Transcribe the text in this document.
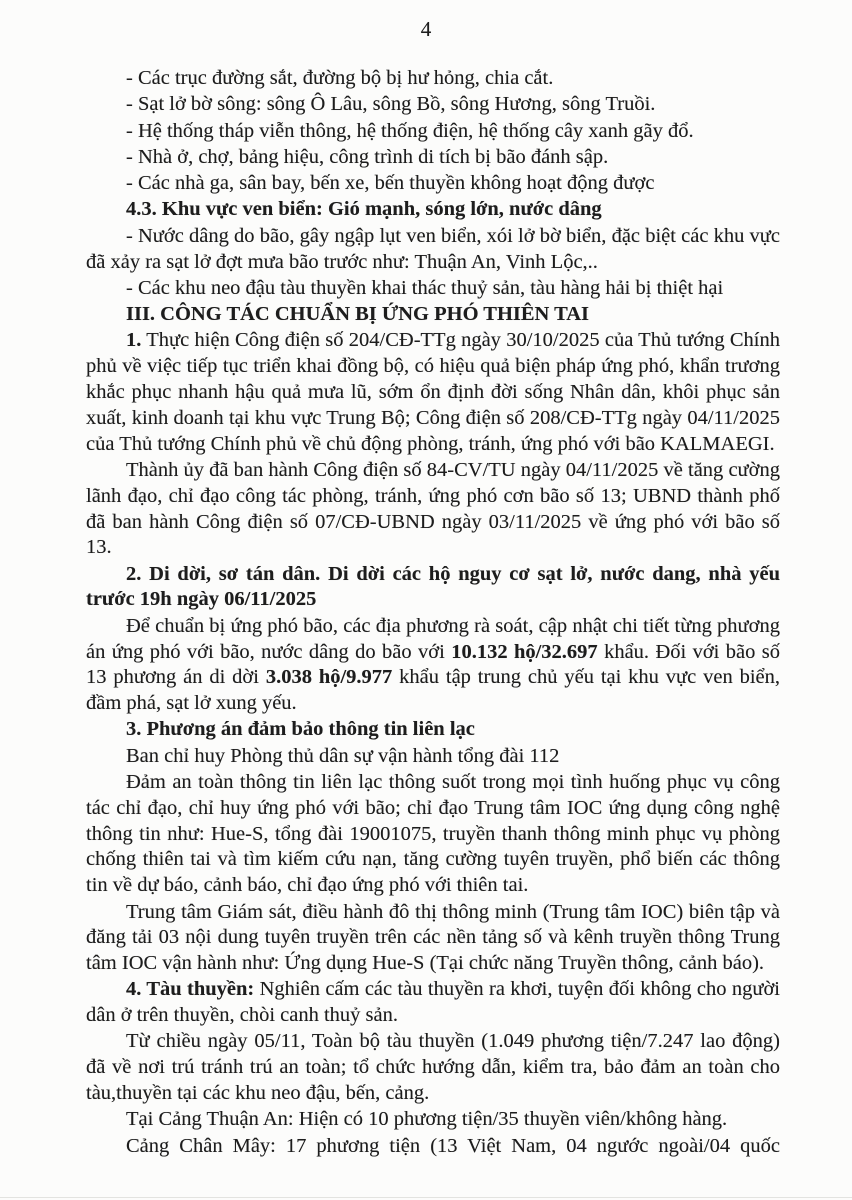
4

- Các trục đường sắt, đường bộ bị hư hỏng, chia cắt.

- Sạt lở bờ sông: sông Ô Lâu, sông Bồ, sông Hương, sông Truồi.

- Hệ thống tháp viễn thông, hệ thống điện, hệ thống cây xanh gãy đổ.

- Nhà ở, chợ, bảng hiệu, công trình di tích bị bão đánh sập.

- Các nhà ga, sân bay, bến xe, bến thuyền không hoạt động được

4.3. Khu vực ven biển: Gió mạnh, sóng lớn, nước dâng

- Nước dâng do bão, gây ngập lụt ven biển, xói lở bờ biển, đặc biệt các khu vực đã xảy ra sạt lở đợt mưa bão trước như: Thuận An, Vinh Lộc,..

- Các khu neo đậu tàu thuyền khai thác thuỷ sản, tàu hàng hải bị thiệt hại

III. CÔNG TÁC CHUẨN BỊ ỨNG PHÓ THIÊN TAI

1. Thực hiện Công điện số 204/CĐ-TTg ngày 30/10/2025 của Thủ tướng Chính phủ về việc tiếp tục triển khai đồng bộ, có hiệu quả biện pháp ứng phó, khẩn trương khắc phục nhanh hậu quả mưa lũ, sớm ổn định đời sống Nhân dân, khôi phục sản xuất, kinh doanh tại khu vực Trung Bộ; Công điện số 208/CĐ-TTg ngày 04/11/2025 của Thủ tướng Chính phủ về chủ động phòng, tránh, ứng phó với bão KALMAEGI.

Thành ủy đã ban hành Công điện số 84-CV/TU ngày 04/11/2025 về tăng cường lãnh đạo, chỉ đạo công tác phòng, tránh, ứng phó cơn bão số 13; UBND thành phố đã ban hành Công điện số 07/CĐ-UBND ngày 03/11/2025 về ứng phó với bão số 13.

2. Di dời, sơ tán dân. Di dời các hộ nguy cơ sạt lở, nước dang, nhà yếu trước 19h ngày 06/11/2025

Để chuẩn bị ứng phó bão, các địa phương rà soát, cập nhật chi tiết từng phương án ứng phó với bão, nước dâng do bão với 10.132 hộ/32.697 khẩu. Đối với bão số 13 phương án di dời 3.038 hộ/9.977 khẩu tập trung chủ yếu tại khu vực ven biển, đầm phá, sạt lở xung yếu.

3. Phương án đảm bảo thông tin liên lạc

Ban chỉ huy Phòng thủ dân sự vận hành tổng đài 112

Đảm an toàn thông tin liên lạc thông suốt trong mọi tình huống phục vụ công tác chỉ đạo, chỉ huy ứng phó với bão; chỉ đạo Trung tâm IOC ứng dụng công nghệ thông tin như: Hue-S, tổng đài 19001075, truyền thanh thông minh phục vụ phòng chống thiên tai và tìm kiếm cứu nạn, tăng cường tuyên truyền, phổ biến các thông tin về dự báo, cảnh báo, chỉ đạo ứng phó với thiên tai.

Trung tâm Giám sát, điều hành đô thị thông minh (Trung tâm IOC) biên tập và đăng tải 03 nội dung tuyên truyền trên các nền tảng số và kênh truyền thông Trung tâm IOC vận hành như: Ứng dụng Hue-S (Tại chức năng Truyền thông, cảnh báo).

4. Tàu thuyền: Nghiên cấm các tàu thuyền ra khơi, tuyện đối không cho người dân ở trên thuyền, chòi canh thuỷ sản.

Từ chiều ngày 05/11, Toàn bộ tàu thuyền (1.049 phương tiện/7.247 lao động) đã về nơi trú tránh trú an toàn; tổ chức hướng dẫn, kiểm tra, bảo đảm an toàn cho tàu,thuyền tại các khu neo đậu, bến, cảng.

Tại Cảng Thuận An: Hiện có 10 phương tiện/35 thuyền viên/không hàng.

Cảng Chân Mây: 17 phương tiện (13 Việt Nam, 04 ngước ngoài/04 quốc
